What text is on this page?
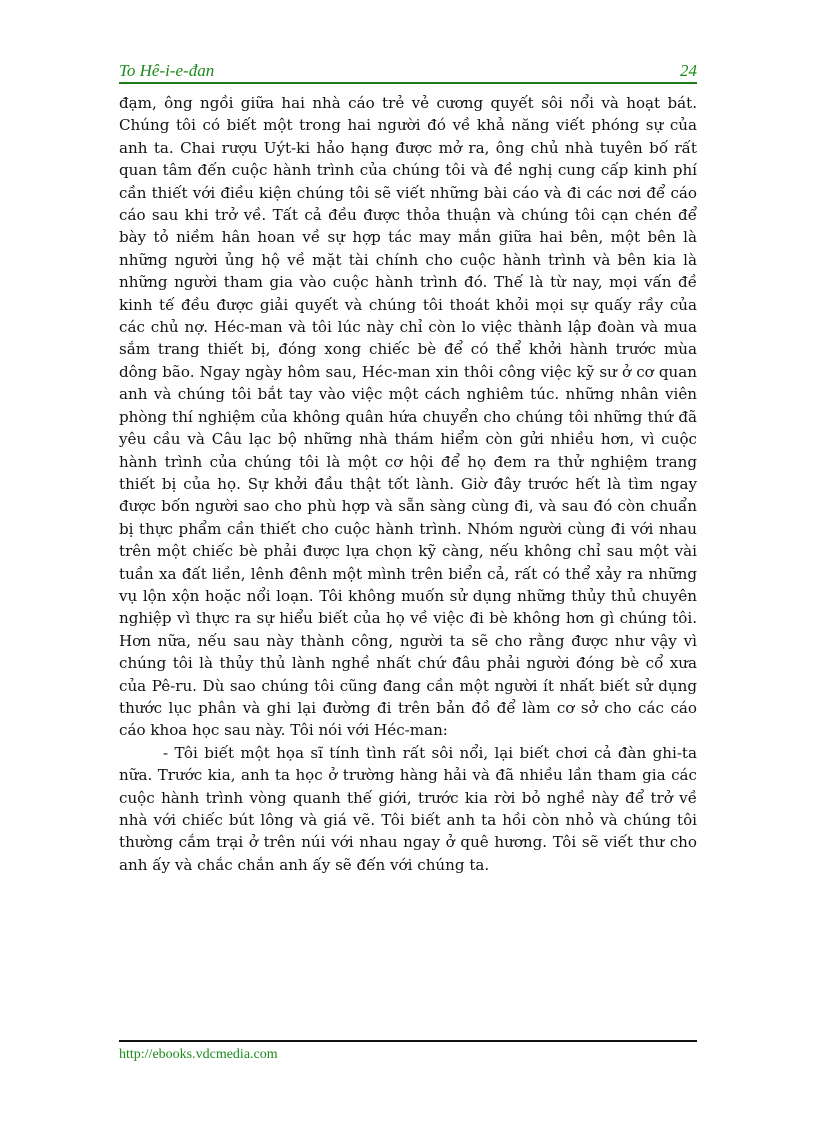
To Hê-i-e-đan	24

đạm, ông ngồi giữa hai nhà cáo trẻ vẻ cương quyết sôi nổi và hoạt bát. Chúng tôi có biết một trong hai người đó về khả năng viết phóng sự của anh ta. Chai rượu Uýt-ki hảo hạng được mở ra, ông chủ nhà tuyên bố rất quan tâm đến cuộc hành trình của chúng tôi và đề nghị cung cấp kinh phí cần thiết với điều kiện chúng tôi sẽ viết những bài cáo và đi các nơi để cáo cáo sau khi trở về. Tất cả đều được thỏa thuận và chúng tôi cạn chén để bày tỏ niềm hân hoan về sự hợp tác may mắn giữa hai bên, một bên là những người ủng hộ về mặt tài chính cho cuộc hành trình và bên kia là những người tham gia vào cuộc hành trình đó. Thế là từ nay, mọi vấn đề kinh tế đều được giải quyết và chúng tôi thoát khỏi mọi sự quấy rầy của các chủ nợ. Héc-man và tôi lúc này chỉ còn lo việc thành lập đoàn và mua sắm trang thiết bị, đóng xong chiếc bè để có thể khởi hành trước mùa dông bão. Ngay ngày hôm sau, Héc-man xin thôi công việc kỹ sư ở cơ quan anh và chúng tôi bắt tay vào việc một cách nghiêm túc. những nhân viên phòng thí nghiệm của không quân hứa chuyển cho chúng tôi những thứ đã yêu cầu và Câu lạc bộ những nhà thám hiểm còn gửi nhiều hơn, vì cuộc hành trình của chúng tôi là một cơ hội để họ đem ra thử nghiệm trang thiết bị của họ. Sự khởi đầu thật tốt lành. Giờ đây trước hết là tìm ngay được bốn người sao cho phù hợp và sẵn sàng cùng đi, và sau đó còn chuẩn bị thực phẩm cần thiết cho cuộc hành trình. Nhóm người cùng đi với nhau trên một chiếc bè phải được lựa chọn kỹ càng, nếu không chỉ sau một vài tuần xa đất liền, lênh đênh một mình trên biển cả, rất có thể xảy ra những vụ lộn xộn hoặc nổi loạn. Tôi không muốn sử dụng những thủy thủ chuyên nghiệp vì thực ra sự hiểu biết của họ về việc đi bè không hơn gì chúng tôi. Hơn nữa, nếu sau này thành công, người ta sẽ cho rằng được như vậy vì chúng tôi là thủy thủ lành nghề nhất chứ đâu phải người đóng bè cổ xưa của Pê-ru. Dù sao chúng tôi cũng đang cần một người ít nhất biết sử dụng thước lục phân và ghi lại đường đi trên bản đồ để làm cơ sở cho các cáo cáo khoa học sau này. Tôi nói với Héc-man:

- Tôi biết một họa sĩ tính tình rất sôi nổi, lại biết chơi cả đàn ghi-ta nữa. Trước kia, anh ta học ở trường hàng hải và đã nhiều lần tham gia các cuộc hành trình vòng quanh thế giới, trước kia rời bỏ nghề này để trở về nhà với chiếc bút lông và giá vẽ. Tôi biết anh ta hồi còn nhỏ và chúng tôi thường cắm trại ở trên núi với nhau ngay ở quê hương. Tôi sẽ viết thư cho anh ấy và chắc chắn anh ấy sẽ đến với chúng ta.

http://ebooks.vdcmedia.com
